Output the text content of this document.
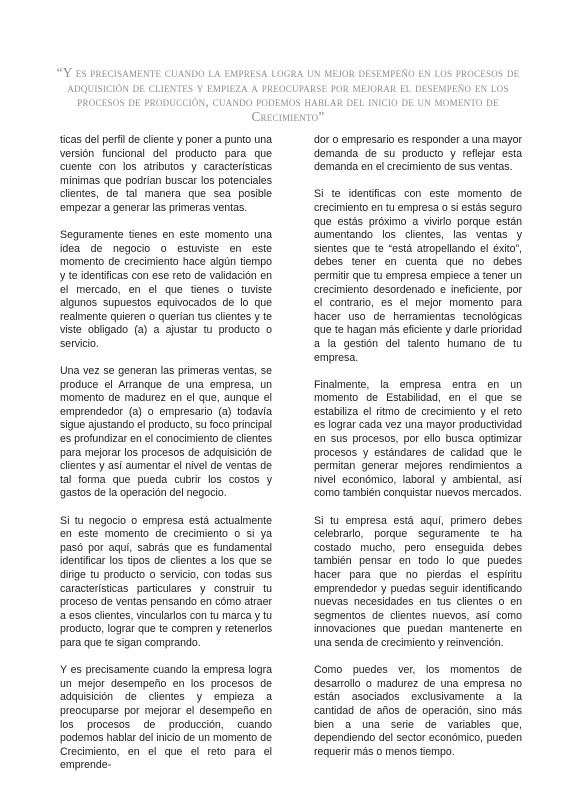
“Y es precisamente cuando la empresa logra un mejor desempeño en los procesos de adquisición de clientes y empieza a preocuparse por mejorar el desempeño en los procesos de producción, cuando podemos hablar del inicio de un momento de Crecimiento”

ticas del perfil de cliente y poner a punto una versión funcional del producto para que cuente con los atributos y características mínimas que podrían buscar los potenciales clientes, de tal manera que sea posible empezar a generar las primeras ventas.

Seguramente tienes en este momento una idea de negocio o estuviste en este momento de crecimiento hace algún tiempo y te identificas con ese reto de validación en el mercado, en el que tienes o tuviste algunos supuestos equivocados de lo que realmente quieren o querían tus clientes y te viste obligado (a) a ajustar tu producto o servicio.

Una vez se generan las primeras ventas, se produce el Arranque de una empresa, un momento de madurez en el que, aunque el emprendedor (a) o empresario (a) todavía sigue ajustando el producto, su foco principal es profundizar en el conocimiento de clientes para mejorar los procesos de adquisición de clientes y así aumentar el nivel de ventas de tal forma que pueda cubrir los costos y gastos de la operación del negocio.

Si tu negocio o empresa está actualmente en este momento de crecimiento o si ya pasó por aquí, sabrás que es fundamental identificar los tipos de clientes a los que se dirige tu producto o servicio, con todas sus características particulares y construir tu proceso de ventas pensando en cómo atraer a esos clientes, vincularlos con tu marca y tu producto, lograr que te compren y retenerlos para que te sigan comprando.

Y es precisamente cuando la empresa logra un mejor desempeño en los procesos de adquisición de clientes y empieza a preocuparse por mejorar el desempeño en los procesos de producción, cuando podemos hablar del inicio de un momento de Crecimiento, en el que el reto para el emprende-

dor o empresario es responder a una mayor demanda de su producto y reflejar esta demanda en el crecimiento de sus ventas.

Si te identificas con este momento de crecimiento en tu empresa o si estás seguro que estás próximo a vivirlo porque están aumentando los clientes, las ventas y sientes que te “está atropellando el éxito”, debes tener en cuenta que no debes permitir que tu empresa empiece a tener un crecimiento desordenado e ineficiente, por el contrario, es el mejor momento para hacer uso de herramientas tecnológicas que te hagan más eficiente y darle prioridad a la gestión del talento humano de tu empresa.

Finalmente, la empresa entra en un momento de Estabilidad, en el que se estabiliza el ritmo de crecimiento y el reto es lograr cada vez una mayor productividad en sus procesos, por ello busca optimizar procesos y estándares de calidad que le permitan generar mejores rendimientos a nivel económico, laboral y ambiental, así como también conquistar nuevos mercados.

Si tu empresa está aquí, primero debes celebrarlo, porque seguramente te ha costado mucho, pero enseguida debes también pensar en todo lo que puedes hacer para que no pierdas el espíritu emprendedor y puedas seguir identificando nuevas necesidades en tus clientes o en segmentos de clientes nuevos, así como innovaciones que puedan mantenerte en una senda de crecimiento y reinvención.

Como puedes ver, los momentos de desarrollo o madurez de una empresa no están asociados exclusivamente a la cantidad de años de operación, sino más bien a una serie de variables que, dependiendo del sector económico, pueden requerir más o menos tiempo.
